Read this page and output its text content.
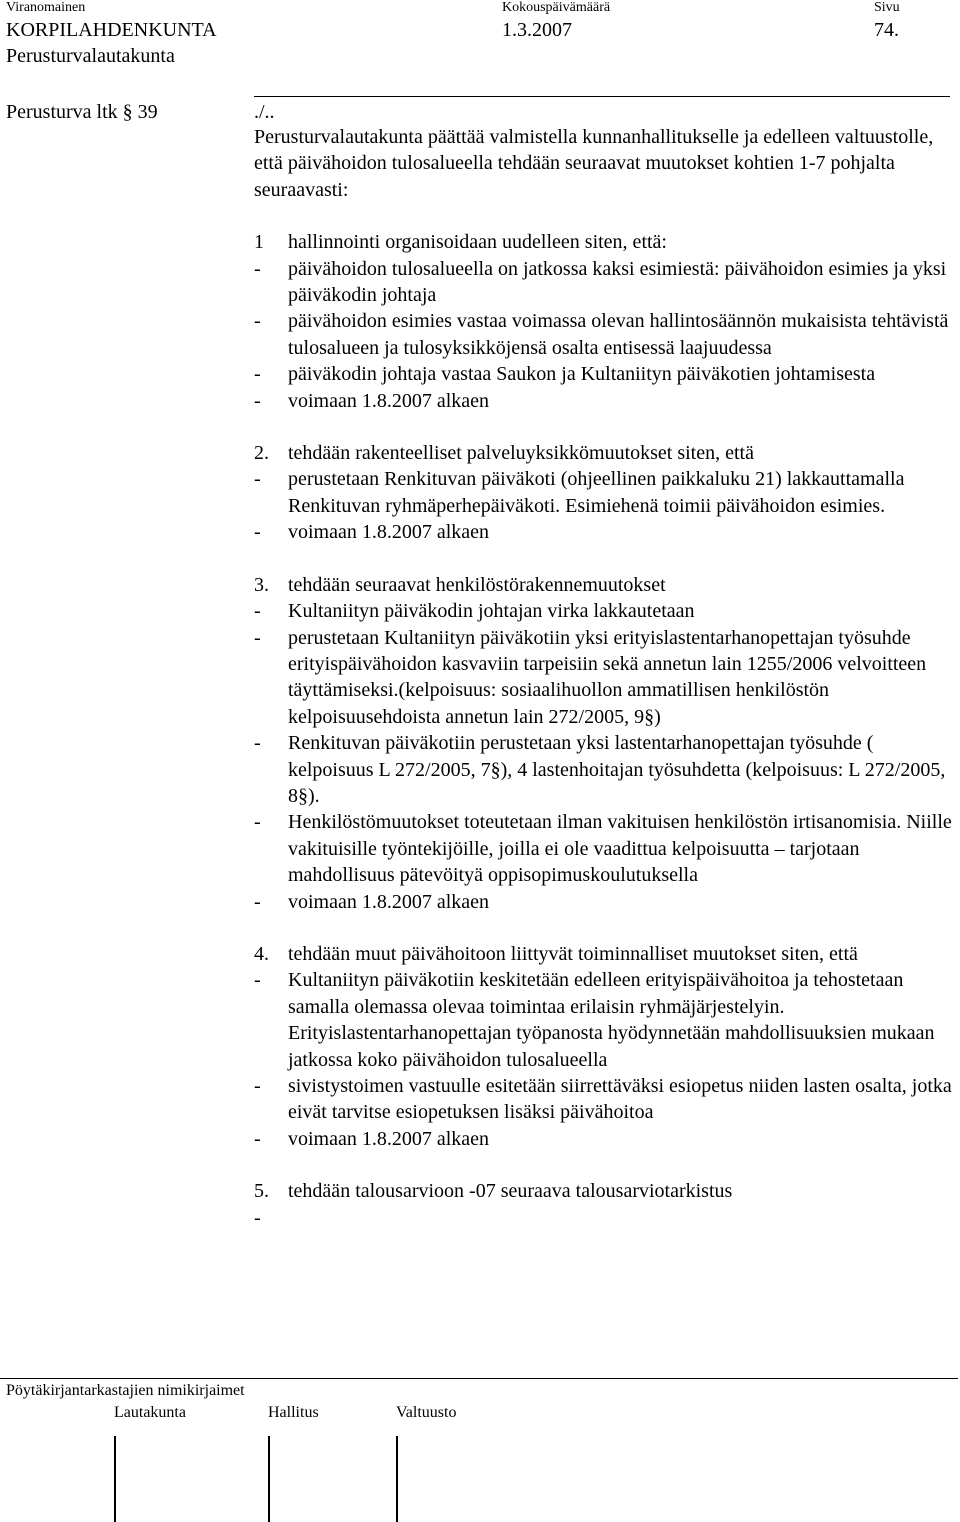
Viranomainen	Kokouspäivämäärä	Sivu
KORPILAHDENKUNTA	1.3.2007	74.
Perusturvalautakunta
Perusturva ltk § 39	./..

Perusturvalautakunta päättää valmistella kunnanhallitukselle ja edelleen valtuustolle, että päivähoidon tulosalueella tehdään seuraavat muutokset kohtien 1-7 pohjalta seuraavasti:

1 hallinnointi organisoidaan uudelleen siten, että:
- päivähoidon tulosalueella on jatkossa kaksi esimiestä: päivähoidon esimies ja yksi päiväkodin johtaja
- päivähoidon esimies vastaa voimassa olevan hallintosäännön mukaisista tehtävistä tulosalueen ja tulosyksikköjensä osalta entisessä laajuudessa
- päiväkodin johtaja vastaa Saukon ja Kultaniityn päiväkotien johtamisesta
- voimaan 1.8.2007 alkaen
2. tehdään rakenteelliset palveluyksikkömuutokset siten, että
- perustetaan Renkituvan päiväkoti (ohjeellinen paikkaluku 21) lakkauttamalla Renkituvan ryhmäperhepäiväkoti. Esimiehenä toimii päivähoidon esimies.
- voimaan 1.8.2007 alkaen
3. tehdään seuraavat henkilöstörakennemuutokset
- Kultaniityn päiväkodin johtajan virka lakkautetaan
- perustetaan Kultaniityn päiväkotiin yksi erityislastentarhanopettajan työsuhde erityispäivähoidon kasvaviin tarpeisiin sekä annetun lain 1255/2006 velvoitteen täyttämiseksi.(kelpoisuus: sosiaalihuollon ammatillisen henkilöstön kelpoisuusehdoista annetun lain 272/2005, 9§)
- Renkituvan päiväkotiin perustetaan yksi lastentarhanopettajan työsuhde ( kelpoisuus L 272/2005, 7§), 4 lastenhoitajan työsuhdetta (kelpoisuus: L 272/2005, 8§).
- Henkilöstömuutokset toteutetaan ilman vakituisen henkilöstön irtisanomisia. Niille vakituisille työntekijöille, joilla ei ole vaadittua kelpoisuutta – tarjotaan mahdollisuus pätevöityä oppisopimuskoulutuksella
- voimaan 1.8.2007 alkaen
4. tehdään muut päivähoitoon liittyvät toiminnalliset muutokset siten, että
- Kultaniityn päiväkotiin keskitetään edelleen erityispäivähoitoa ja tehostetaan samalla olemassa olevaa toimintaa erilaisin ryhmäjärjestelyin. Erityislastentarhanopettajan työpanosta hyödynnetään mahdollisuuksien mukaan jatkossa koko päivähoidon tulosalueella
- sivistystoimen vastuulle esitetään siirrettäväksi esiopetus niiden lasten osalta, jotka eivät tarvitse esiopetuksen lisäksi päivähoitoa
- voimaan 1.8.2007 alkaen
5. tehdään talousarvioon -07 seuraava talousarviotarkistus
-
Pöytäkirjantarkastajien nimikirjaimet
Lautakunta	Hallitus	Valtuusto
